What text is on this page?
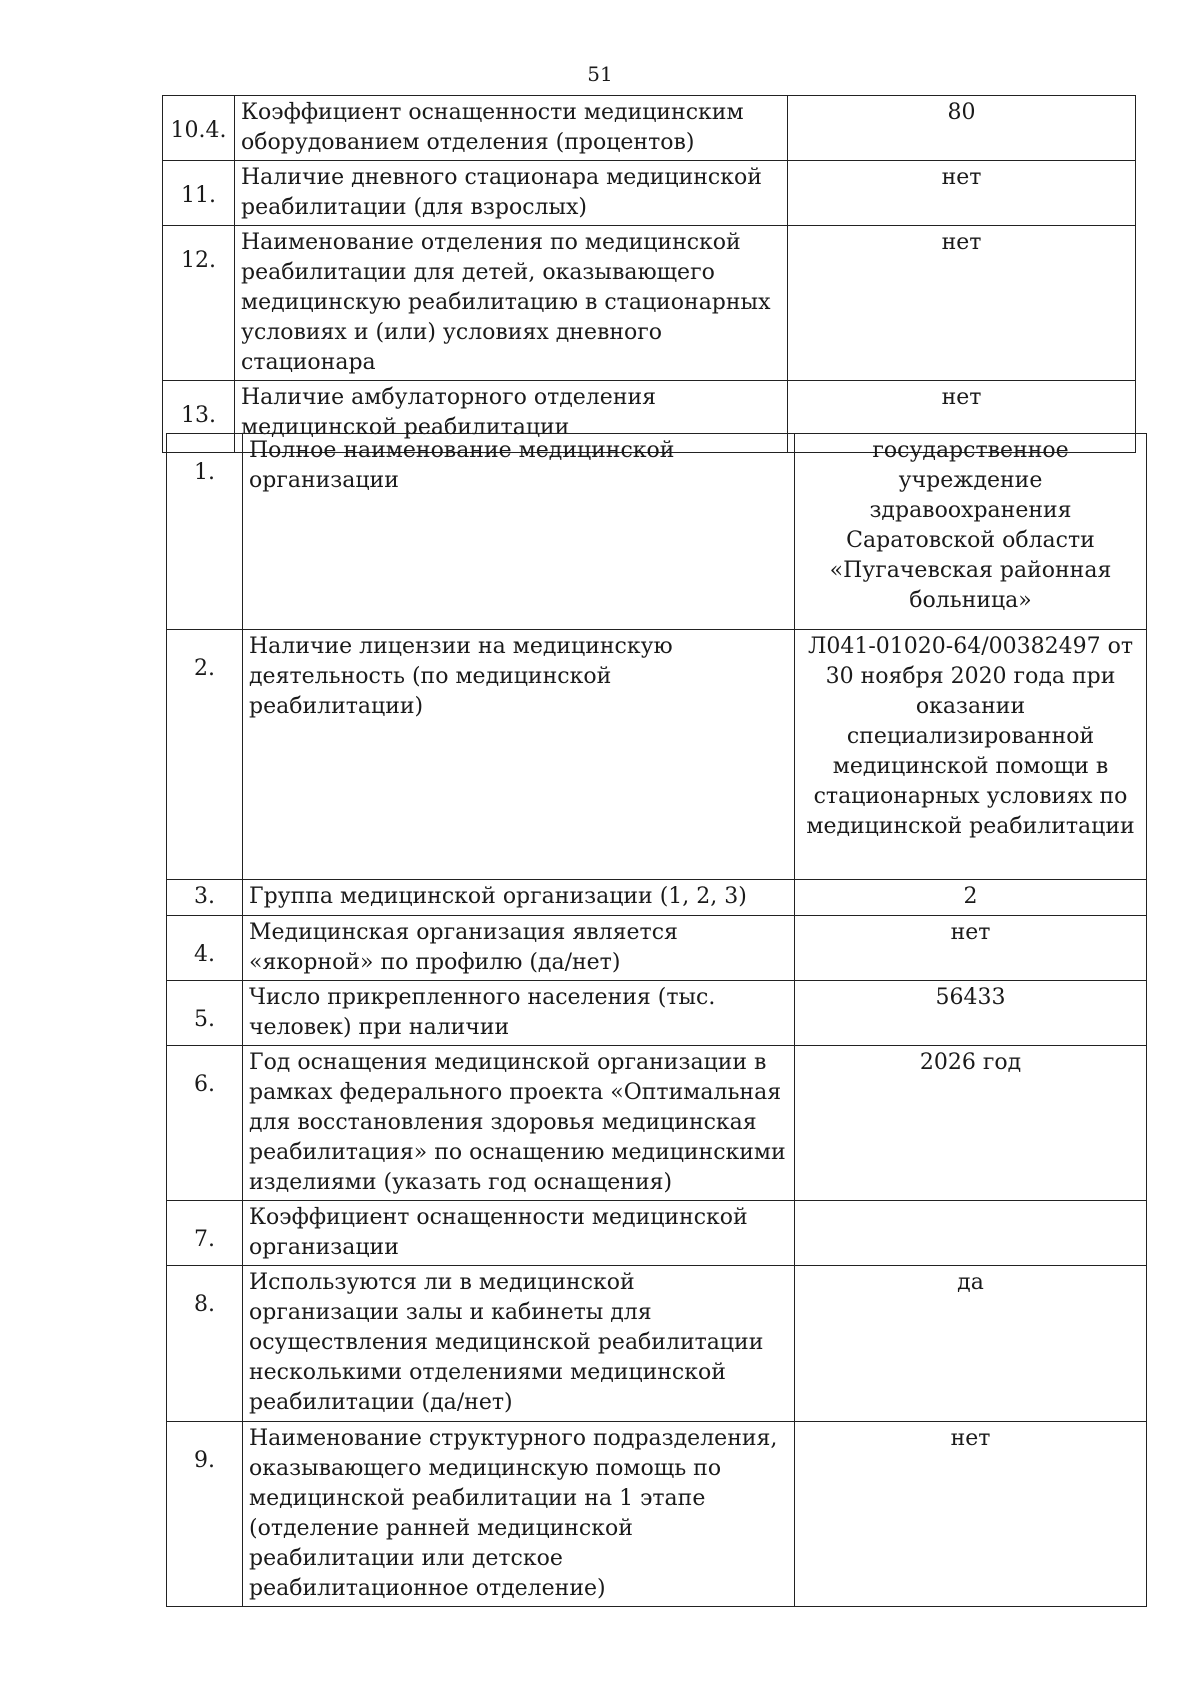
51
10.4.	Коэффициент оснащенности медицинским оборудованием отделения (процентов)	80

11.	Наличие дневного стационара медицинской реабилитации (для взрослых)	нет

12.	Наименование отделения по медицинской реабилитации для детей, оказывающего медицинскую реабилитацию в стационарных условиях и (или) условиях дневного стационара	нет

13.	Наличие амбулаторного отделения медицинской реабилитации	нет
1.	Полное наименование медицинской организации	государственное учреждение здравоохранения Саратовской области «Пугачевская районная больница»

2.	Наличие лицензии на медицинскую деятельность (по медицинской реабилитации)	Л041-01020-64/00382497 от 30 ноября 2020 года при оказании специализированной медицинской помощи в стационарных условиях по медицинской реабилитации

3.	Группа медицинской организации (1, 2, 3)	2

4.	Медицинская организация является «якорной» по профилю (да/нет)	нет

5.	Число прикрепленного населения (тыс. человек) при наличии	56433

6.	Год оснащения медицинской организации в рамках федерального проекта «Оптимальная для восстановления здоровья медицинская реабилитация» по оснащению медицинскими изделиями (указать год оснащения)	2026 год

7.	Коэффициент оснащенности медицинской организации	

8.	Используются ли в медицинской организации залы и кабинеты для осуществления медицинской реабилитации несколькими отделениями медицинской реабилитации (да/нет)	да

9.	Наименование структурного подразделения, оказывающего медицинскую помощь по медицинской реабилитации на 1 этапе (отделение ранней медицинской реабилитации или детское реабилитационное отделение)	нет
